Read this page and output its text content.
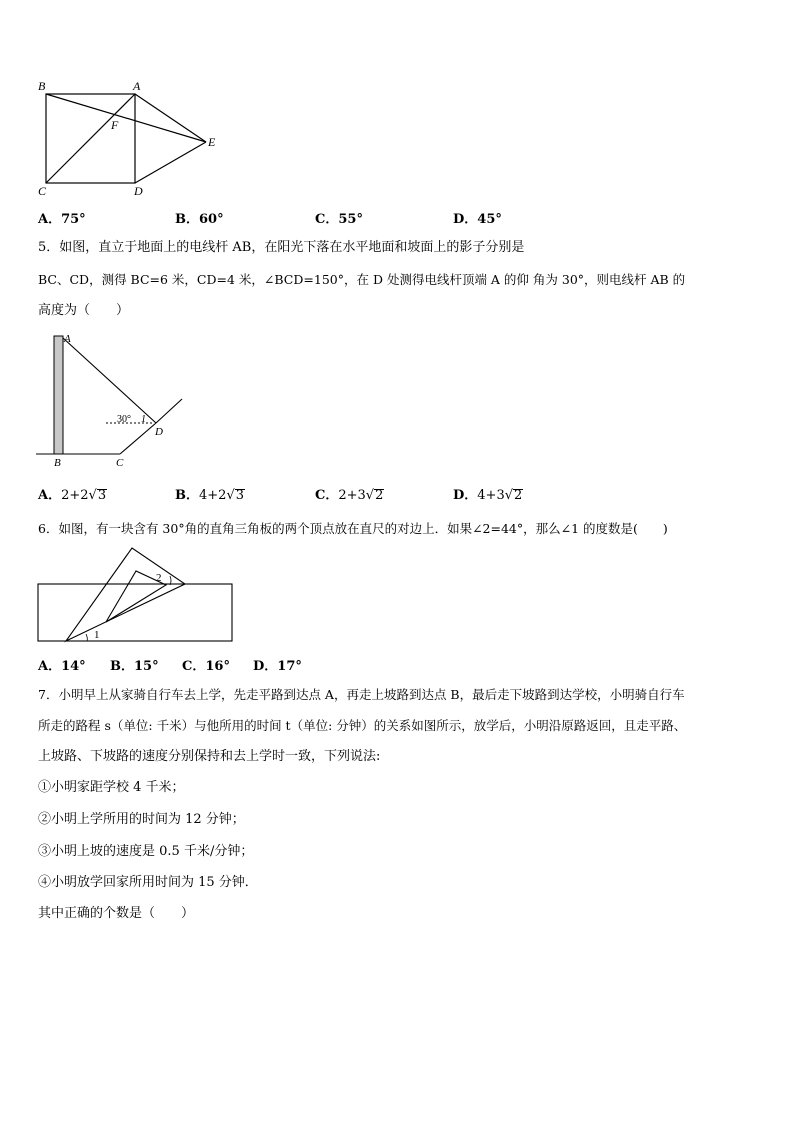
B	A
F
E
C	D
A．75°	B．60°	C．55°	D．45°
5．如图，直立于地面上的电线杆 AB，在阳光下落在水平地面和坡面上的影子分别是
BC、CD，测得 BC=6 米，CD=4 米，∠BCD=150°，在 D 处测得电线杆顶端 A 的仰 角为 30°，则电线杆 AB 的
高度为（　　）
A
B	C
D
30° 1
A．2+2√3	B．4+2√3	C．2+3√2	D．4+3√2
6．如图，有一块含有 30°角的直角三角板的两个顶点放在直尺的对边上．如果∠2=44°，那么∠1 的度数是(　　)
2
1
A．14° B．15° C．16° D．17°
7．小明早上从家骑自行车去上学，先走平路到达点 A，再走上坡路到达点 B，最后走下坡路到达学校，小明骑自行车
所走的路程 s（单位: 千米）与他所用的时间 t（单位: 分钟）的关系如图所示，放学后，小明沿原路返回，且走平路、
上坡路、下坡路的速度分别保持和去上学时一致，下列说法:
①小明家距学校 4 千米；
②小明上学所用的时间为 12 分钟；
③小明上坡的速度是 0.5 千米/分钟；
④小明放学回家所用时间为 15 分钟．
其中正确的个数是（　　）
